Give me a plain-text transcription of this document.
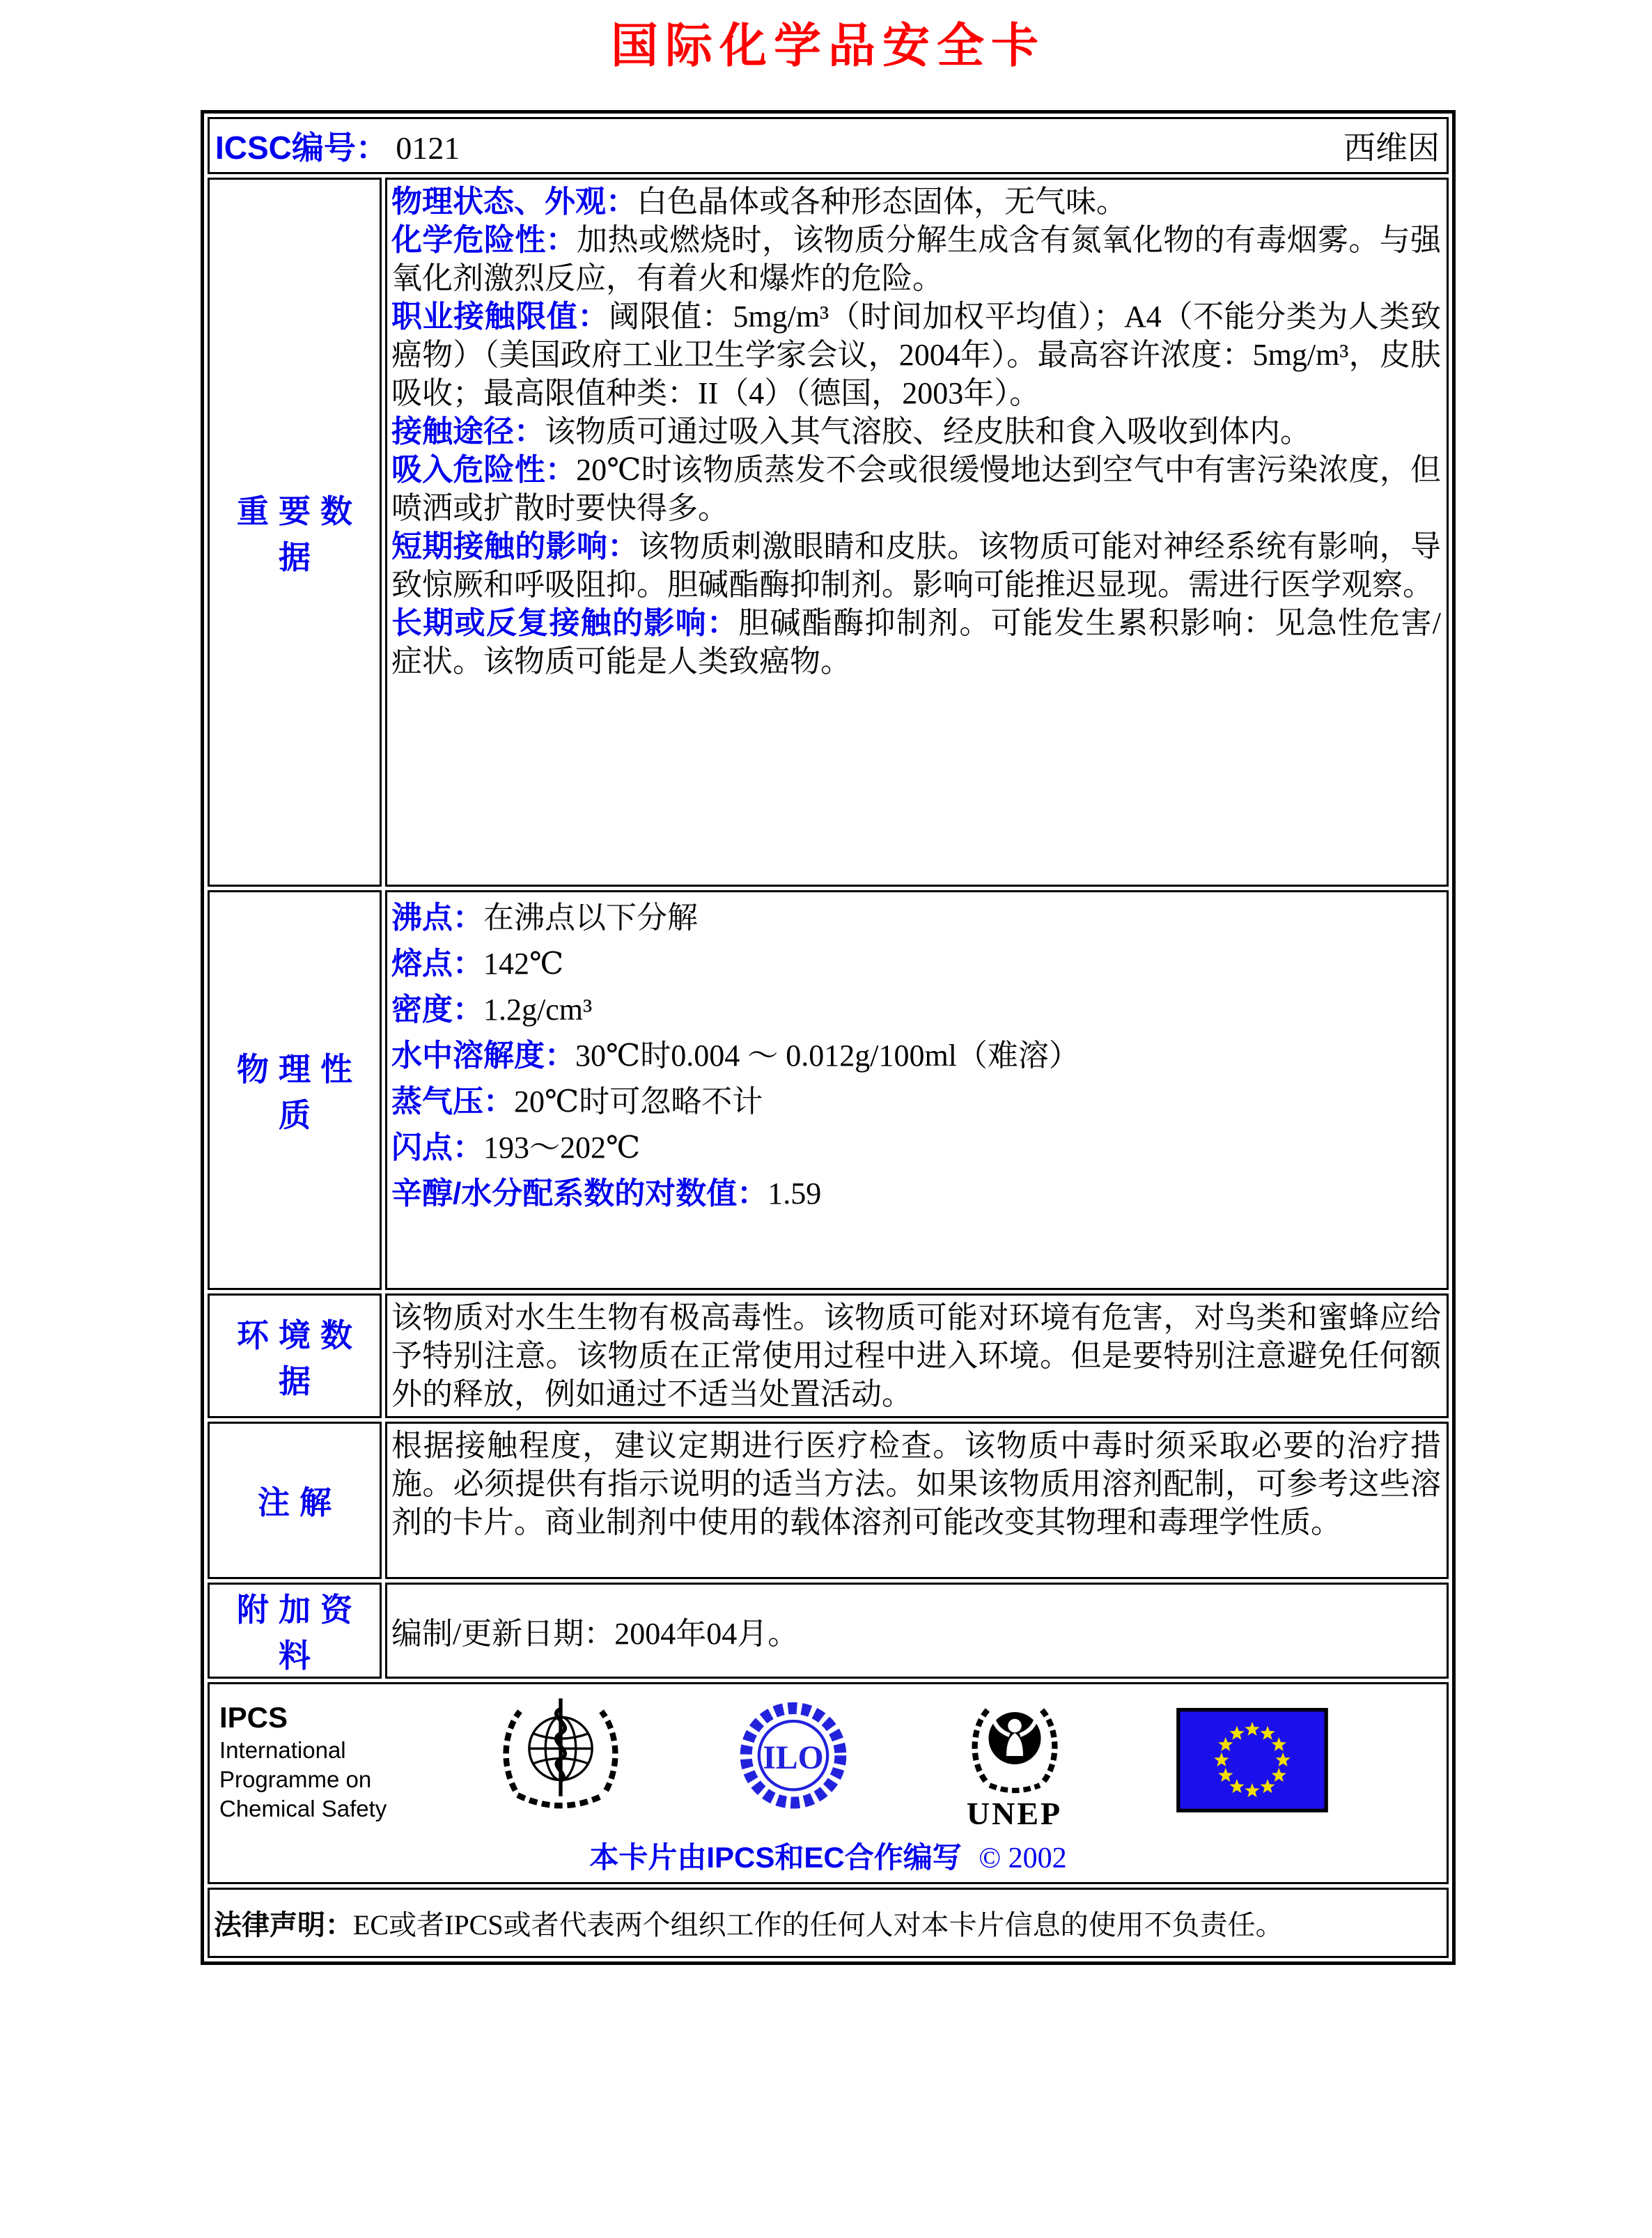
国际化学品安全卡
ICSC编号： 0121 西维因	

重要数据	
物理状态、外观：白色晶体或各种形态固体，无气味。
化学危险性：加热或燃烧时，该物质分解生成含有氮氧化物的有毒烟雾。与强氧化剂激烈反应，有着火和爆炸的危险。
职业接触限值：阈限值：5mg/m³（时间加权平均值）；A4（不能分类为人类致癌物）（美国政府工业卫生学家会议，2004年）。最高容许浓度：5mg/m³，皮肤吸收；最高限值种类：II（4）（德国，2003年）。
接触途径：该物质可通过吸入其气溶胶、经皮肤和食入吸收到体内。
吸入危险性：20℃时该物质蒸发不会或很缓慢地达到空气中有害污染浓度，但喷洒或扩散时要快得多。
短期接触的影响：该物质刺激眼睛和皮肤。该物质可能对神经系统有影响，导致惊厥和呼吸阻抑。胆碱酯酶抑制剂。影响可能推迟显现。需进行医学观察。
长期或反复接触的影响：胆碱酯酶抑制剂。可能发生累积影响：见急性危害/症状。该物质可能是人类致癌物。

物理性质	
沸点：在沸点以下分解
熔点：142℃
密度：1.2g/cm³
水中溶解度：30℃时0.004 ～ 0.012g/100ml（难溶）
蒸气压：20℃时可忽略不计
闪点：193～202℃
辛醇/水分配系数的对数值：1.59

环境数据	该物质对水生生物有极高毒性。该物质可能对环境有危害，对鸟类和蜜蜂应给予特别注意。该物质在正常使用过程中进入环境。但是要特别注意避免任何额外的释放，例如通过不适当处置活动。

注解	根据接触程度，建议定期进行医疗检查。该物质中毒时须采取必要的治疗措施。必须提供有指示说明的适当方法。如果该物质用溶剂配制，可参考这些溶剂的卡片。商业制剂中使用的载体溶剂可能改变其物理和毒理学性质。

附加资料	编制/更新日期：2004年04月。

IPCS
International
Programme on
Chemical Safety
ILO
UNEP
本卡片由IPCS和EC合作编写 © 2002

法律声明： EC或者IPCS或者代表两个组织工作的任何人对本卡片信息的使用不负责任。	
